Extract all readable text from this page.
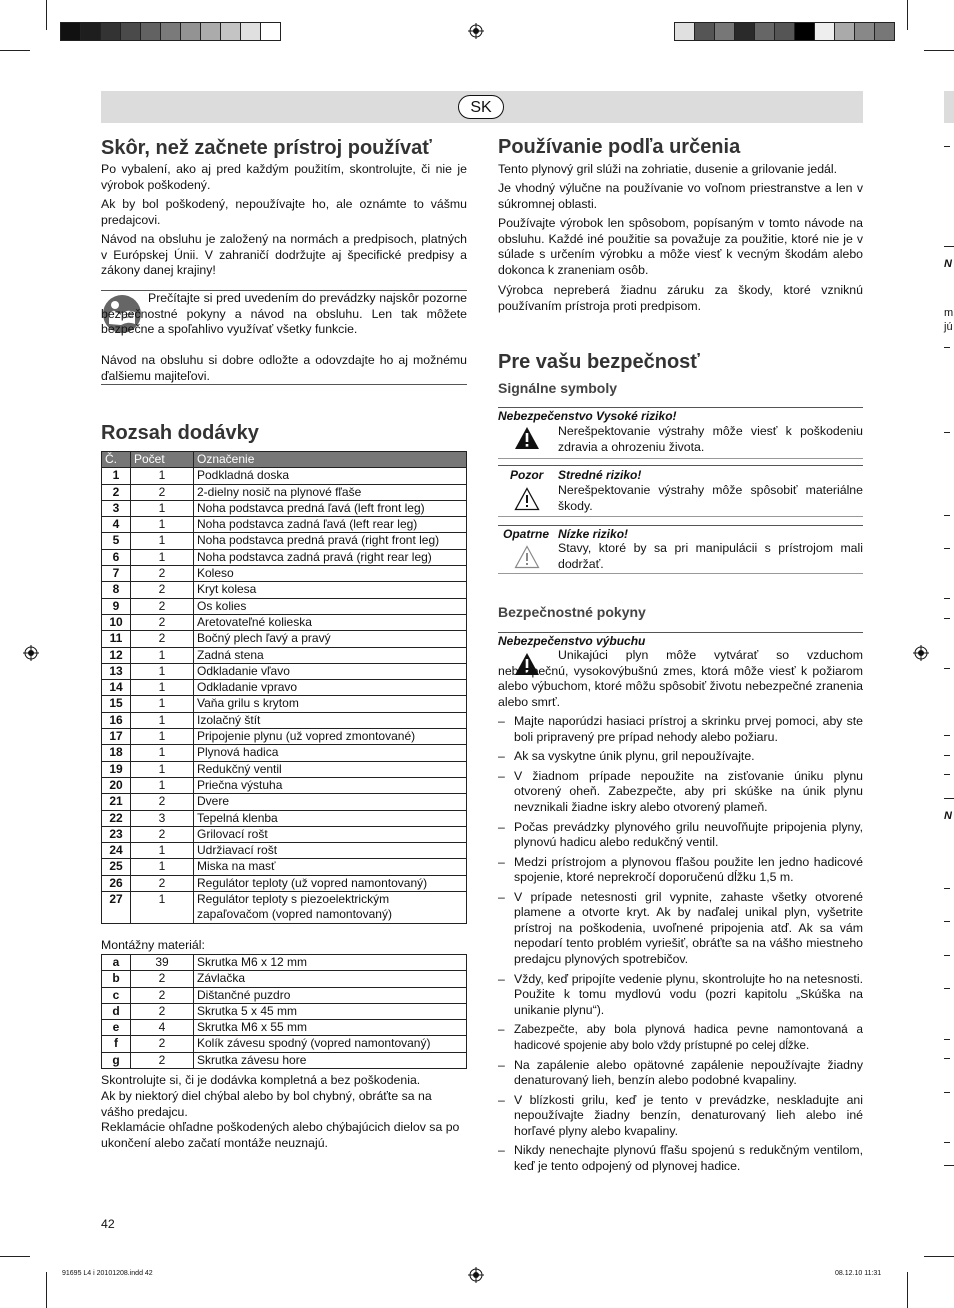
SK
Skôr, než začnete prístroj používať

Po vybalení, ako aj pred každým použitím, skontrolujte, či nie je výrobok poškodený.

Ak by bol poškodený, nepoužívajte ho, ale oznámte to vášmu predajcovi.

Návod na obsluhu je založený na normách a predpisoch, platných v Európskej Únii. V zahraničí dodržujte aj špecifické predpisy a zákony danej krajiny!

Prečítajte si pred uvedením do prevádzky najskôr pozorne bezpečnostné pokyny a návod na obsluhu. Len tak môžete bezpečne a spoľahlivo využívať všetky funkcie.

Návod na obsluhu si dobre odložte a odovzdajte ho aj možnému ďalšiemu majiteľovi.

Rozsah dodávky
Č.	Počet	Označenie
1	1	Podkladná doska
2	2	2-dielny nosič na plynové fľaše
3	1	Noha podstavca predná ľavá (left front leg)
4	1	Noha podstavca zadná ľavá (left rear leg)
5	1	Noha podstavca predná pravá (right front leg)
6	1	Noha podstavca zadná pravá (right rear leg)
7	2	Koleso
8	2	Kryt kolesa
9	2	Os kolies
10	2	Aretovateľné kolieska
11	2	Bočný plech ľavý a pravý
12	1	Zadná stena
13	1	Odkladanie vľavo
14	1	Odkladanie vpravo
15	1	Vaňa grilu s krytom
16	1	Izolačný štít
17	1	Pripojenie plynu (už vopred zmontované)
18	1	Plynová hadica
19	1	Redukčný ventil
20	1	Priečna výstuha
21	2	Dvere
22	3	Tepelná klenba
23	2	Grilovací rošt
24	1	Udržiavací rošt
25	1	Miska na masť
26	2	Regulátor teploty (už vopred namontovaný)
27	1	Regulátor teploty s piezoelektrickým zapaľovačom (vopred namontovaný)

Montážny materiál:

a	39	Skrutka M6 x 12 mm
b	2	Závlačka
c	2	Dištančné puzdro
d	2	Skrutka 5 x 45 mm
e	4	Skrutka M6 x 55 mm
f	2	Kolík závesu spodný (vopred namontovaný)
g	2	Skrutka závesu hore

Skontrolujte si, či je dodávka kompletná a bez poškodenia.

Ak by niektorý diel chýbal alebo by bol chybný, obráťte sa na vášho predajcu.

Reklamácie ohľadne poškodených alebo chýbajúcich dielov sa po ukončení alebo začatí montáže neuznajú.

42
Používanie podľa určenia

Tento plynový gril slúži na zohriatie, dusenie a grilovanie jedál.

Je vhodný výlučne na používanie vo voľnom priestranstve a len v súkromnej oblasti.

Používajte výrobok len spôsobom, popísaným v tomto návode na obsluhu. Každé iné použitie sa považuje za použitie, ktoré nie je v súlade s určením výrobku a môže viesť k vecným škodám alebo dokonca k zraneniam osôb.

Výrobca nepreberá žiadnu záruku za škody, ktoré vzniknú používaním prístroja proti predpisom.

Pre vašu bezpečnosť
Signálne symboly
Nebezpečenstvo Vysoké riziko!

Nerešpektovanie výstrahy môže viesť k poškodeniu zdravia a ohrozeniu života.

Pozor Stredné riziko!

Nerešpektovanie výstrahy môže spôsobiť materiálne škody.

Opatrne Nízke riziko!

Stavy, ktoré by sa pri manipulácii s prístrojom mali dodržať.

Bezpečnostné pokyny
Nebezpečenstvo výbuchu

Unikajúci plyn môže vytvárať so vzduchom nebezpečnú, vysokovýbušnú zmes, ktorá môže viesť k požiarom alebo výbuchom, ktoré môžu spôsobiť životu nebezpečné zranenia alebo smrť.

– Majte naporúdzi hasiaci prístroj a skrinku prvej pomoci, aby ste boli pripravený pre prípad nehody alebo požiaru.
– Ak sa vyskytne únik plynu, gril nepoužívajte.
– V žiadnom prípade nepoužite na zisťovanie úniku plynu otvorený oheň. Zabezpečte, aby pri skúške na únik plynu nevznikali žiadne iskry alebo otvorený plameň.
– Počas prevádzky plynového grilu neuvoľňujte pripojenia plyny, plynovú hadicu alebo redukčný ventil.
– Medzi prístrojom a plynovou fľašou použite len jedno hadicové spojenie, ktoré neprekročí doporučenú dĺžku 1,5 m.
– V prípade netesnosti gril vypnite, zahaste všetky otvorené plamene a otvorte kryt. Ak by naďalej unikal plyn, vyšetrite prístroj na poškodenia, uvoľnené pripojenia atď. Ak sa vám nepodarí tento problém vyriešiť, obráťte sa na vášho miestneho predajcu plynových spotrebičov.
– Vždy, keď pripojíte vedenie plynu, skontrolujte ho na netesnosti. Použite k tomu mydlovú vodu (pozri kapitolu „Skúška na unikanie plynu“).
– Zabezpečte, aby bola plynová hadica pevne namontovaná a hadicové spojenie aby bolo vždy prístupné po celej dĺžke.
– Na zapálenie alebo opätovné zapálenie nepoužívajte žiadny denaturovaný lieh, benzín alebo podobné kvapaliny.
– V blízkosti grilu, keď je tento v prevádzke, neskladujte ani nepoužívajte žiadny benzín, denaturovaný lieh alebo iné horľavé plyny alebo kvapaliny.
– Nikdy nenechajte plynovú fľašu spojenú s redukčným ventilom, keď je tento odpojený od plynovej hadice.
N
m
jú
N
91695 L4 i 20101208.indd 42	08.12.10 11:31
